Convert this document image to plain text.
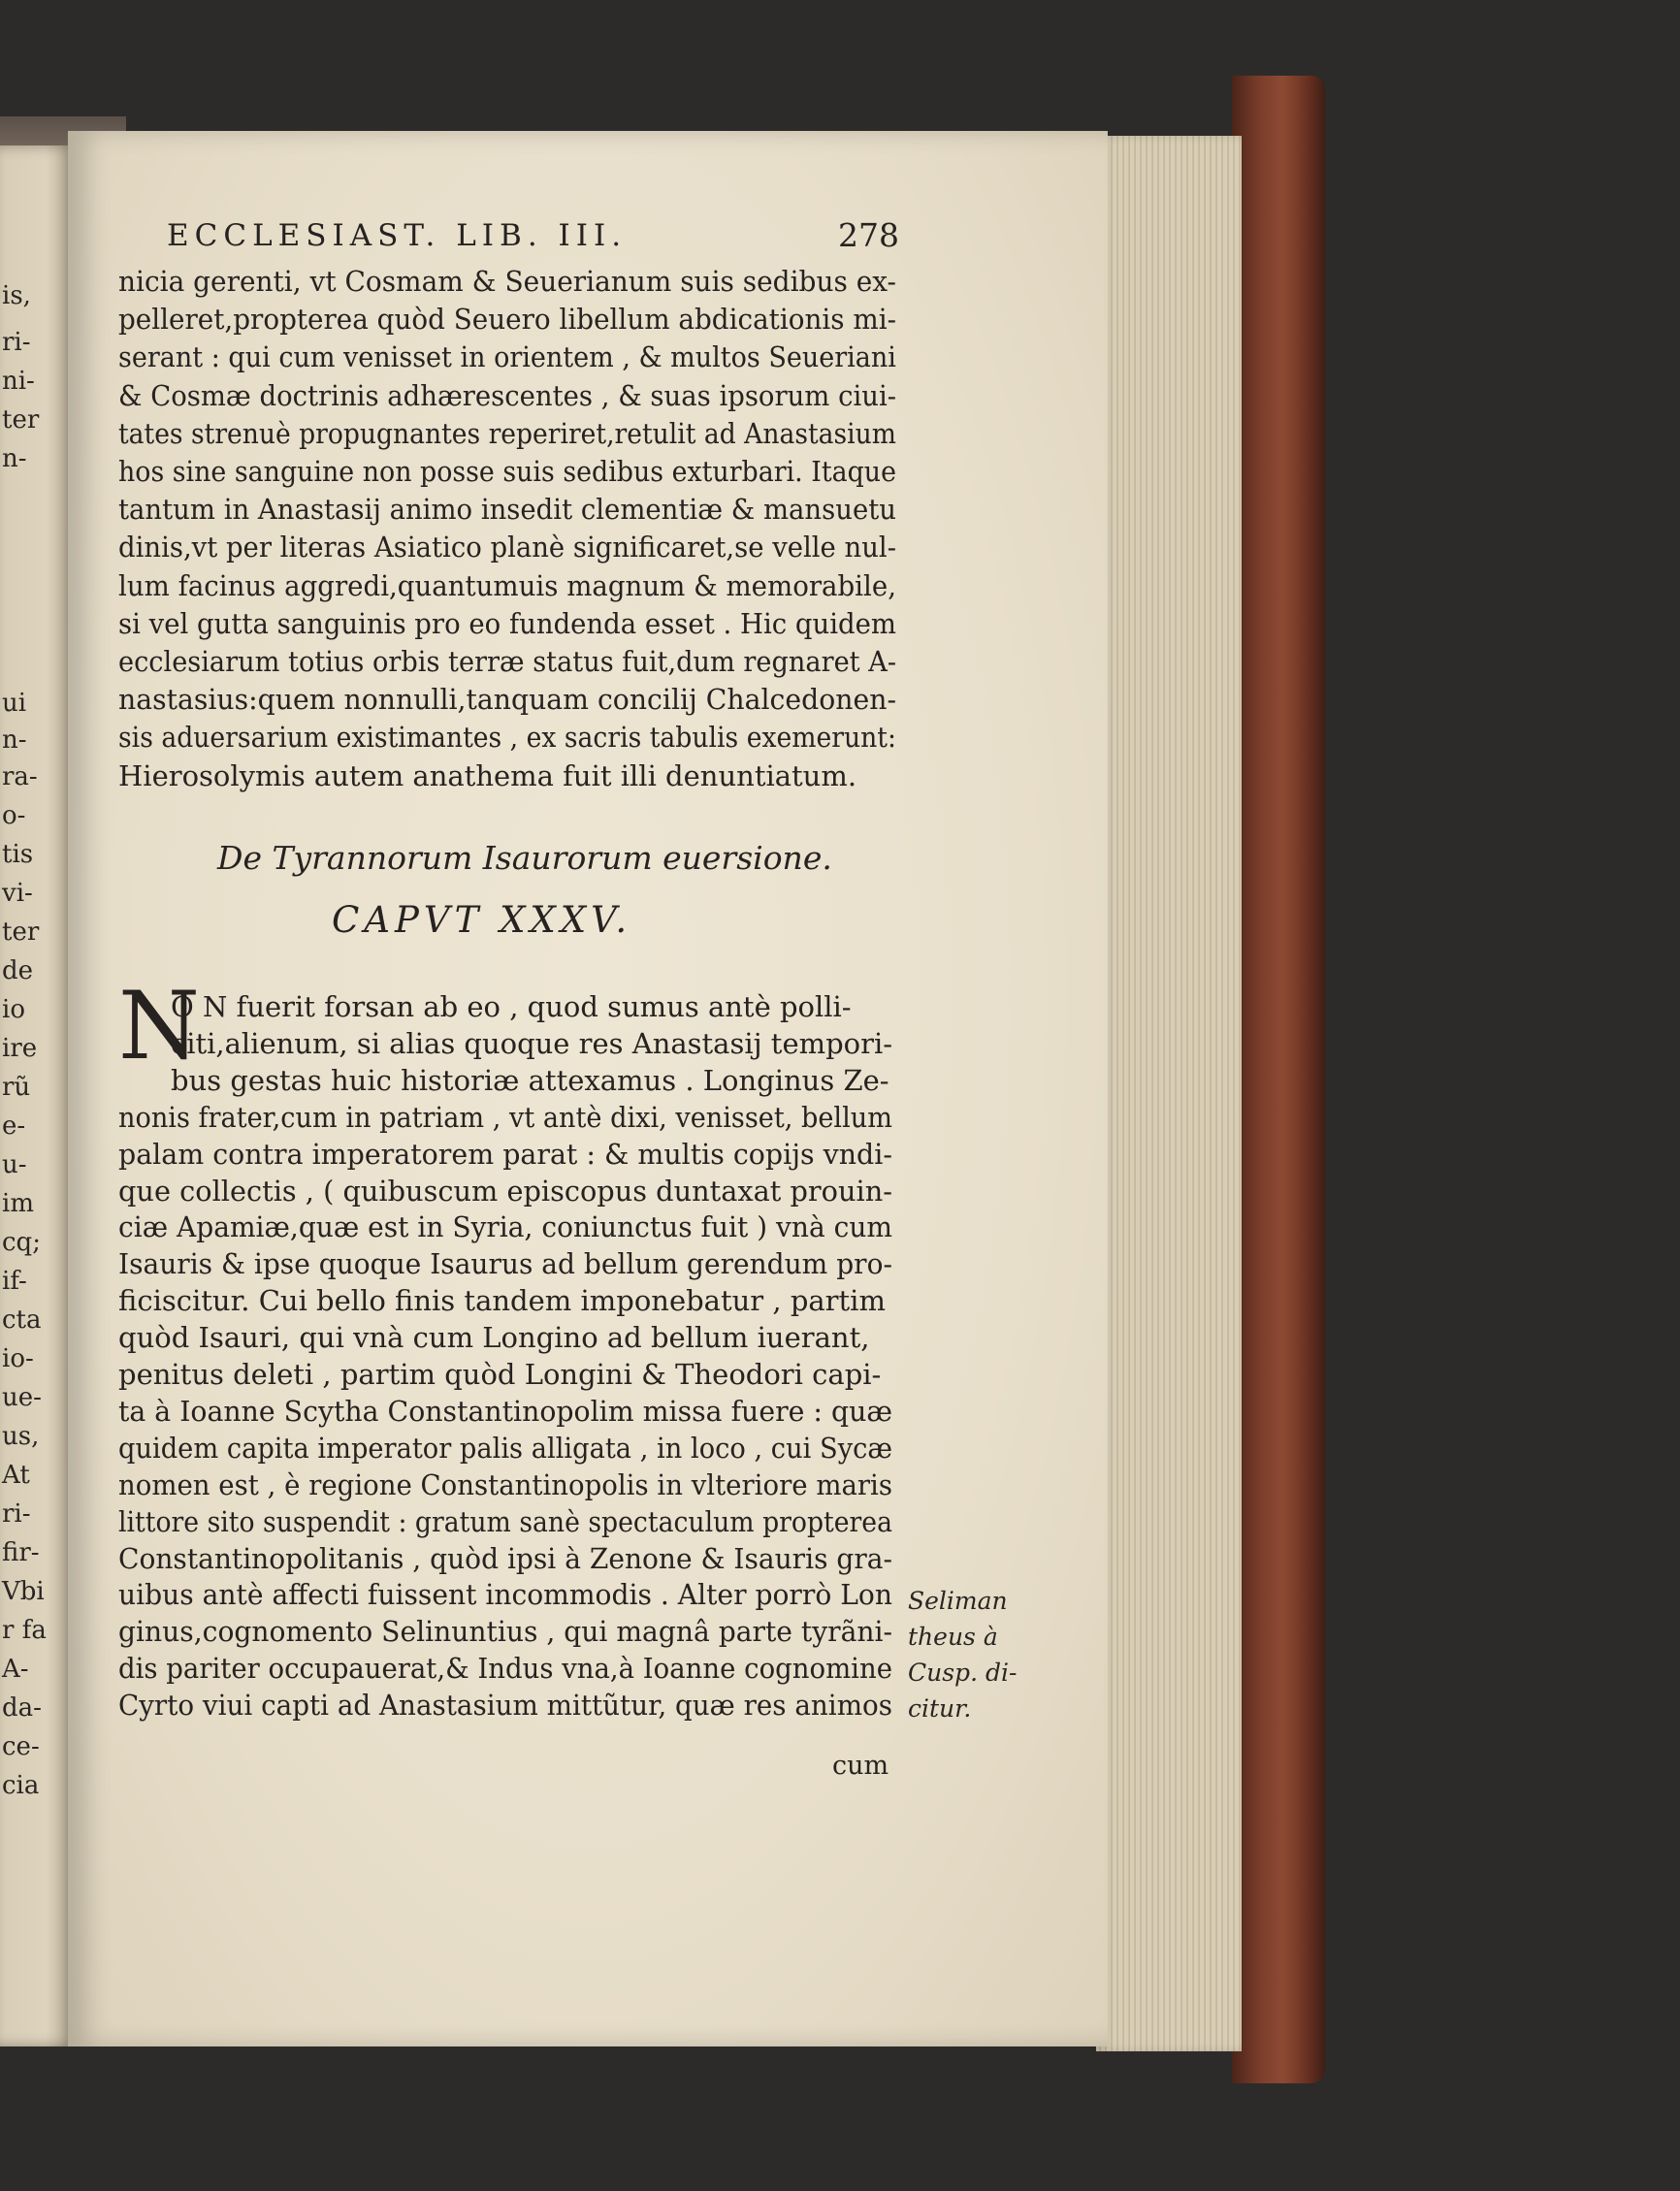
is,
ri-
ni-
ter
n-
ui
n-
ra-
o-
tis
vi-
ter
de
io
ire
rũ
e-
u-
im
cq;
if-
cta
io-
ue-
us,
At
ri-
fir-
Vbi
r fa
A-
da-
ce-
cia
ECCLESIAST. LIB. III.	278
nicia gerenti, vt Cosmam & Seuerianum suis sedibus ex-
pelleret,propterea quòd Seuero libellum abdicationis mi-
serant : qui cum venisset in orientem , & multos Seueriani
& Cosmæ doctrinis adhærescentes , & suas ipsorum ciui-
tates strenuè propugnantes reperiret,retulit ad Anastasium
hos sine sanguine non posse suis sedibus exturbari. Itaque
tantum in Anastasij animo insedit clementiæ & mansuetu
dinis,vt per literas Asiatico planè significaret,se velle nul-
lum facinus aggredi,quantumuis magnum & memorabile,
si vel gutta sanguinis pro eo fundenda esset . Hic quidem
ecclesiarum totius orbis terræ status fuit,dum regnaret A-
nastasius:quem nonnulli,tanquam concilij Chalcedonen-
sis aduersarium existimantes , ex sacris tabulis exemerunt:
Hierosolymis autem anathema fuit illi denuntiatum.
De Tyrannorum Isaurorum euersione.
CAPVT XXXV.
N
O N fuerit forsan ab eo , quod sumus antè polli-
citi,alienum, si alias quoque res Anastasij tempori-
bus gestas huic historiæ attexamus . Longinus Ze-
nonis frater,cum in patriam , vt antè dixi, venisset, bellum
palam contra imperatorem parat : & multis copijs vndi-
que collectis , ( quibuscum episcopus duntaxat prouin-
ciæ Apamiæ,quæ est in Syria, coniunctus fuit ) vnà cum
Isauris & ipse quoque Isaurus ad bellum gerendum pro-
ficiscitur. Cui bello finis tandem imponebatur , partim
quòd Isauri, qui vnà cum Longino ad bellum iuerant,
penitus deleti , partim quòd Longini & Theodori capi-
ta à Ioanne Scytha Constantinopolim missa fuere : quæ
quidem capita imperator palis alligata , in loco , cui Sycæ
nomen est , è regione Constantinopolis in vlteriore maris
littore sito suspendit : gratum sanè spectaculum propterea
Constantinopolitanis , quòd ipsi à Zenone & Isauris gra-
uibus antè affecti fuissent incommodis . Alter porrò Lon
ginus,cognomento Selinuntius , qui magnâ parte tyrãni-
dis pariter occupauerat,& Indus vna,à Ioanne cognomine
Cyrto viui capti ad Anastasium mittũtur, quæ res animos
cum
Seliman
theus à
Cusp. di-
citur.
